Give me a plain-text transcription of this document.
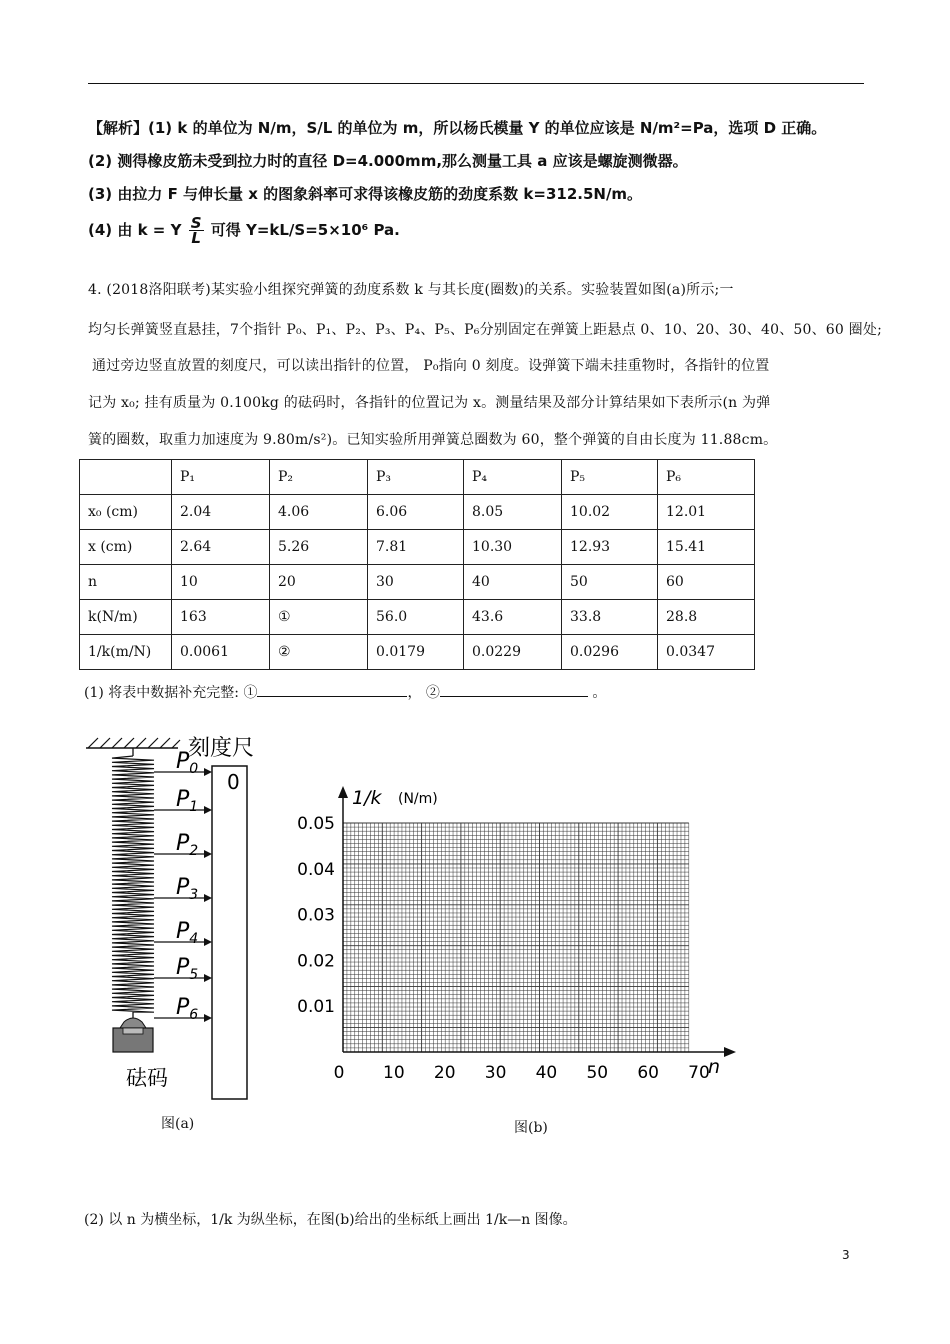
【解析】(1) k 的单位为 N/m，S/L 的单位为 m，所以杨氏模量 Y 的单位应该是 N/m²=Pa，选项 D 正确。
(2) 测得橡皮筋未受到拉力时的直径 D=4.000mm,那么测量工具 a 应该是螺旋测微器。
(3) 由拉力 F 与伸长量 x 的图象斜率可求得该橡皮筋的劲度系数 k=312.5N/m。
(4) 由 k = Y $\frac{S}{L}$ 可得 Y=kL/S=5×10⁶ Pa.
4. (2018洛阳联考)某实验小组探究弹簧的劲度系数 k 与其长度(圈数)的关系。实验装置如图(a)所示;一
均匀长弹簧竖直悬挂，7个指针 P₀、P₁、P₂、P₃、P₄、P₅、P₆分别固定在弹簧上距悬点 0、10、20、30、40、50、60 圈处;
通过旁边竖直放置的刻度尺，可以读出指针的位置， P₀指向 0 刻度。设弹簧下端未挂重物时，各指针的位置
记为 x₀; 挂有质量为 0.100kg 的砝码时，各指针的位置记为 x。测量结果及部分计算结果如下表所示(n 为弹
簧的圈数，取重力加速度为 9.80m/s²)。已知实验所用弹簧总圈数为 60，整个弹簧的自由长度为 11.88cm。
	P₁	P₂	P₃	P₄	P₅	P₆
x₀ (cm)	2.04	4.06	6.06	8.05	10.02	12.01
x (cm)	2.64	5.26	7.81	10.30	12.93	15.41
n	10	20	30	40	50	60
k(N/m)	163	①	56.0	43.6	33.8	28.8
1/k(m/N)	0.0061	②	0.0179	0.0229	0.0296	0.0347
(1) 将表中数据补充完整: ①	， ②	。
刻度尺
0
$P_0$
$P_1$
$P_2$
$P_3$
$P_4$
$P_5$
$P_6$
砝码
图(a)
0.05
0.04
0.03
0.02
0.01
0 10 20 30 40 50 60 70
1/k (N/m)
n
图(b)
(2) 以 n 为横坐标，1/k 为纵坐标，在图(b)给出的坐标纸上画出 1/k—n 图像。
3
